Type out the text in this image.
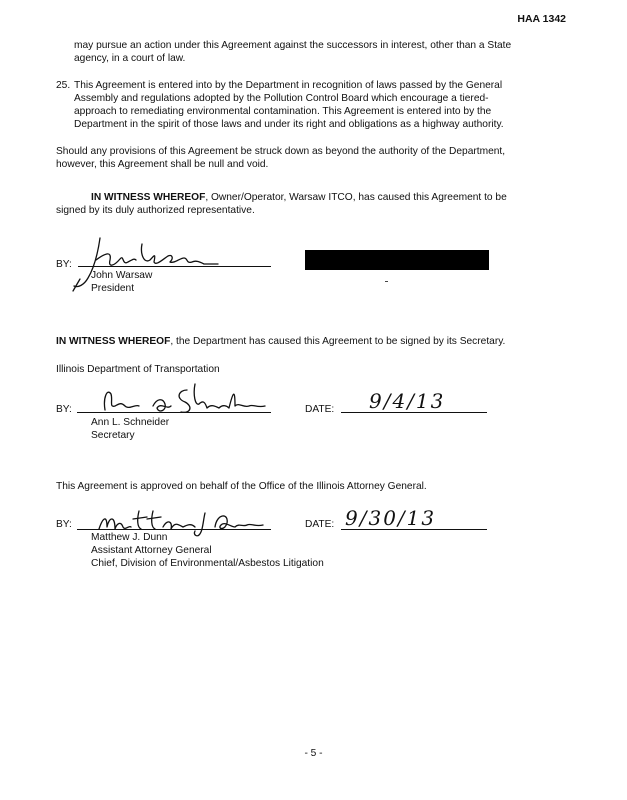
HAA 1342
may pursue an action under this Agreement against the successors in interest, other than a State
agency, in a court of law.
25. This Agreement is entered into by the Department in recognition of laws passed by the General
Assembly and regulations adopted by the Pollution Control Board which encourage a tiered-
approach to remediating environmental contamination. This Agreement is entered into by the
Department in the spirit of those laws and under its right and obligations as a highway authority.
Should any provisions of this Agreement be struck down as beyond the authority of the Department,
however, this Agreement shall be null and void.
IN WITNESS WHEREOF, Owner/Operator, Warsaw ITCO, has caused this Agreement to be
signed by its duly authorized representative.
BY:
John Warsaw
President
IN WITNESS WHEREOF, the Department has caused this Agreement to be signed by its Secretary.
Illinois Department of Transportation
BY:
Ann L. Schneider
Secretary
DATE: 9/4/13
This Agreement is approved on behalf of the Office of the Illinois Attorney General.
BY:
Matthew J. Dunn
Assistant Attorney General
Chief, Division of Environmental/Asbestos Litigation
DATE: 9/30/13
- 5 -
